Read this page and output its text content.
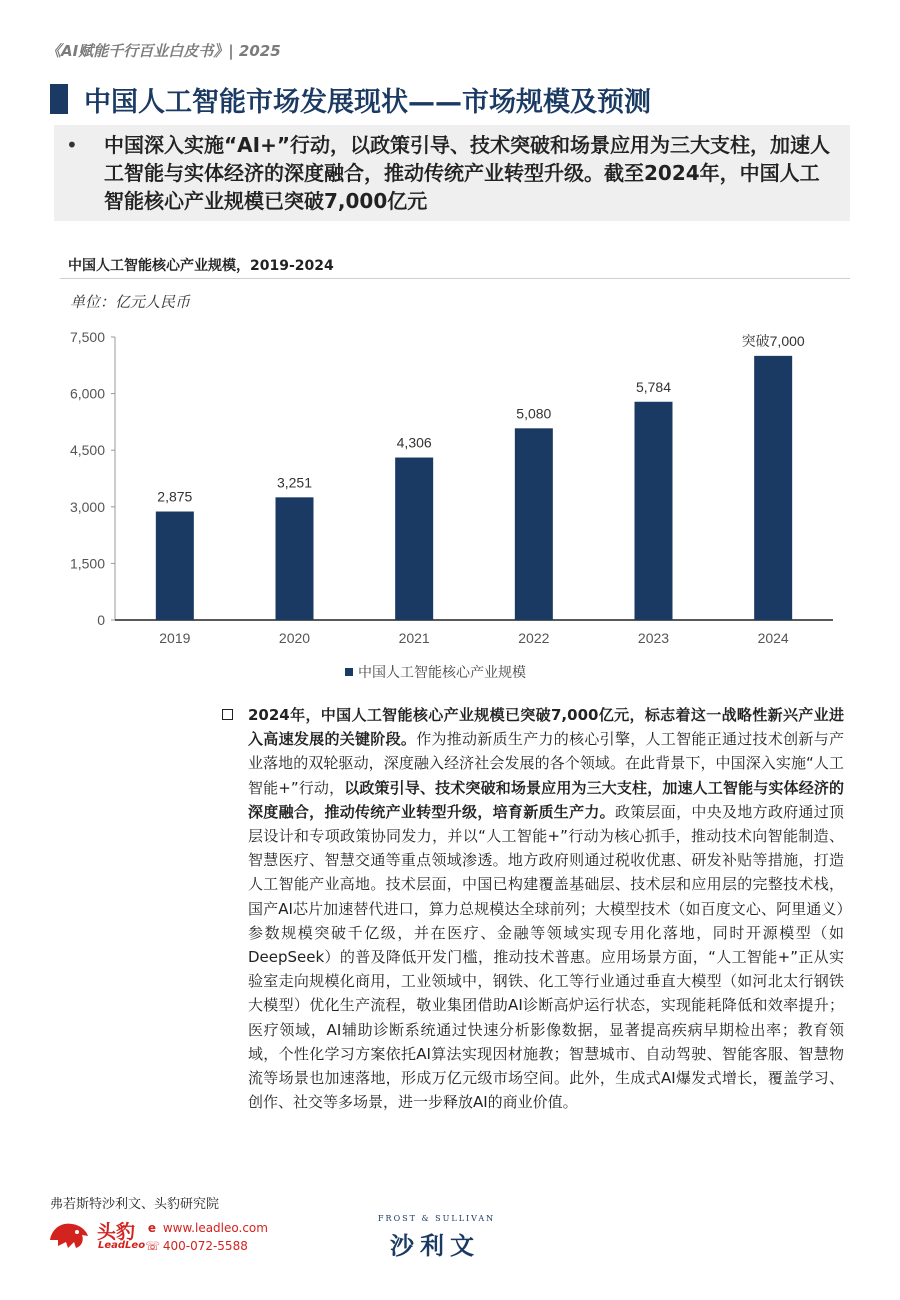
《AI赋能千行百业白皮书》| 2025
中国人工智能市场发展现状——市场规模及预测
• 中国深入实施“AI+”行动，以政策引导、技术突破和场景应用为三大支柱，加速人工智能与实体经济的深度融合，推动传统产业转型升级。截至2024年，中国人工智能核心产业规模已突破7,000亿元
中国人工智能核心产业规模，2019-2024
单位：亿元人民币
0
1,500
3,000
4,500
6,000
7,500
2,875
2019
3,251
2020
4,306
2021
5,080
2022
5,784
2023
突破7,000
2024
中国人工智能核心产业规模
2024年，中国人工智能核心产业规模已突破7,000亿元，标志着这一战略性新兴产业进入高速发展的关键阶段。作为推动新质生产力的核心引擎，人工智能正通过技术创新与产业落地的双轮驱动，深度融入经济社会发展的各个领域。在此背景下，中国深入实施“人工智能+”行动，以政策引导、技术突破和场景应用为三大支柱，加速人工智能与实体经济的深度融合，推动传统产业转型升级，培育新质生产力。政策层面，中央及地方政府通过顶层设计和专项政策协同发力，并以“人工智能+”行动为核心抓手，推动技术向智能制造、智慧医疗、智慧交通等重点领域渗透。地方政府则通过税收优惠、研发补贴等措施，打造人工智能产业高地。技术层面，中国已构建覆盖基础层、技术层和应用层的完整技术栈，国产AI芯片加速替代进口，算力总规模达全球前列；大模型技术（如百度文心、阿里通义）参数规模突破千亿级，并在医疗、金融等领域实现专用化落地，同时开源模型（如DeepSeek）的普及降低开发门槛，推动技术普惠。应用场景方面，“人工智能+”正从实验室走向规模化商用，工业领域中，钢铁、化工等行业通过垂直大模型（如河北太行钢铁大模型）优化生产流程，敬业集团借助AI诊断高炉运行状态，实现能耗降低和效率提升；医疗领域，AI辅助诊断系统通过快速分析影像数据，显著提高疾病早期检出率；教育领域，个性化学习方案依托AI算法实现因材施教；智慧城市、自动驾驶、智能客服、智慧物流等场景也加速落地，形成万亿元级市场空间。此外，生成式AI爆发式增长，覆盖学习、创作、社交等多场景，进一步释放AI的商业价值。
弗若斯特沙利文、头豹研究院
头豹
LeadLeo
e www.leadleo.com
☏ 400-072-5588
FROST & SULLIVAN
沙利文
